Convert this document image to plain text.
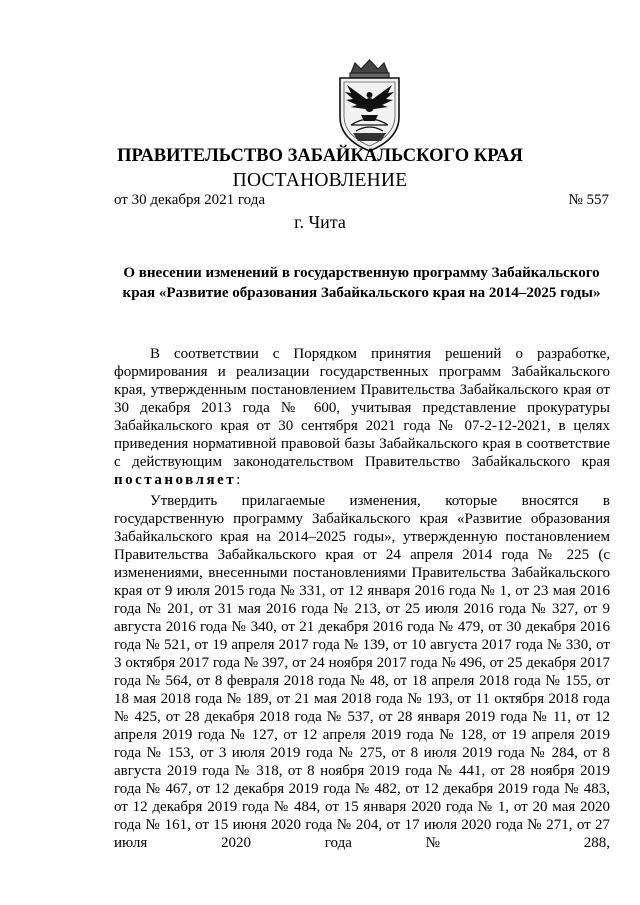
ПРАВИТЕЛЬСТВО ЗАБАЙКАЛЬСКОГО КРАЯ
ПОСТАНОВЛЕНИЕ
от 30 декабря 2021 года	№ 557
г. Чита
О внесении изменений в государственную программу Забайкальского
края «Развитие образования Забайкальского края на 2014–2025 годы»
В соответствии с Порядком принятия решений о разработке, формирования и реализации государственных программ Забайкальского края, утвержденным постановлением Правительства Забайкальского края от 30 декабря 2013 года № 600, учитывая представление прокуратуры Забайкальского края от 30 сентября 2021 года № 07-2-12-2021, в целях приведения нормативной правовой базы Забайкальского края в соответствие с действующим законодательством Правительство Забайкальского края постановляет:
Утвердить прилагаемые изменения, которые вносятся в государственную программу Забайкальского края «Развитие образования Забайкальского края на 2014–2025 годы», утвержденную постановлением Правительства Забайкальского края от 24 апреля 2014 года № 225 (с изменениями, внесенными постановлениями Правительства Забайкальского края от 9 июля 2015 года № 331, от 12 января 2016 года № 1, от 23 мая 2016 года № 201, от 31 мая 2016 года № 213, от 25 июля 2016 года № 327, от 9 августа 2016 года № 340, от 21 декабря 2016 года № 479, от 30 декабря 2016 года № 521, от 19 апреля 2017 года № 139, от 10 августа 2017 года № 330, от 3 октября 2017 года № 397, от 24 ноября 2017 года № 496, от 25 декабря 2017 года № 564, от 8 февраля 2018 года № 48, от 18 апреля 2018 года № 155, от 18 мая 2018 года № 189, от 21 мая 2018 года № 193, от 11 октября 2018 года № 425, от 28 декабря 2018 года № 537, от 28 января 2019 года № 11, от 12 апреля 2019 года № 127, от 12 апреля 2019 года № 128, от 19 апреля 2019 года № 153, от 3 июля 2019 года № 275, от 8 июля 2019 года № 284, от 8 августа 2019 года № 318, от 8 ноября 2019 года № 441, от 28 ноября 2019 года № 467, от 12 декабря 2019 года № 482, от 12 декабря 2019 года № 483, от 12 декабря 2019 года № 484, от 15 января 2020 года № 1, от 20 мая 2020 года № 161, от 15 июня 2020 года № 204, от 17 июля 2020 года № 271, от 27 июля 2020 года № 288,
